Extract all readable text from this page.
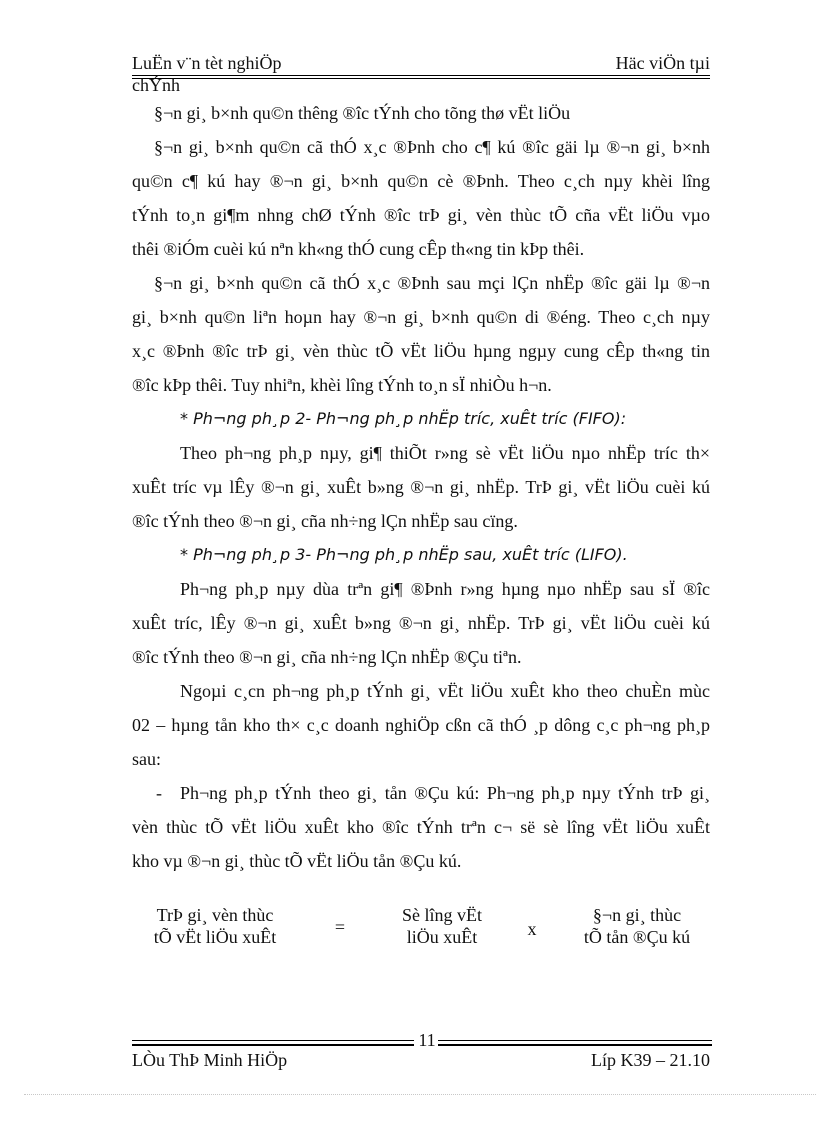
LuËn v¨n tèt nghiÖp	Häc viÖn tµi
chÝnh
§¬n gi¸ b×nh qu©n thêng ®îc tÝnh cho tõng thø vËt liÖu
§¬n gi¸ b×nh qu©n cã thÓ x¸c ®Þnh cho c¶ kú ®îc gäi lµ ®¬n gi¸ b×nh
qu©n c¶ kú hay ®¬n gi¸ b×nh qu©n cè ®Þnh. Theo c¸ch nµy khèi lîng
tÝnh to¸n gi¶m nhng chØ tÝnh ®îc trÞ gi¸ vèn thùc tÕ cña vËt liÖu vµo
thêi ®iÓm cuèi kú nªn kh«ng thÓ cung cÊp th«ng tin kÞp thêi.
§¬n gi¸ b×nh qu©n cã thÓ x¸c ®Þnh sau mçi lÇn nhËp ®îc gäi lµ ®¬n
gi¸ b×nh qu©n liªn hoµn hay ®¬n gi¸ b×nh qu©n di ®éng. Theo c¸ch nµy
x¸c ®Þnh ®îc trÞ gi¸ vèn thùc tÕ vËt liÖu hµng ngµy cung cÊp th«ng tin
®îc kÞp thêi. Tuy nhiªn, khèi lîng tÝnh to¸n sÏ nhiÒu h¬n.
* Ph¬ng ph¸p 2- Ph¬ng ph¸p nhËp tríc, xuÊt tríc (FIFO):
Theo ph¬ng ph¸p nµy, gi¶ thiÕt r»ng sè vËt liÖu nµo nhËp tríc th×
xuÊt tríc vµ lÊy ®¬n gi¸ xuÊt b»ng ®¬n gi¸ nhËp. TrÞ gi¸ vËt liÖu cuèi kú
®îc tÝnh theo ®¬n gi¸ cña nh÷ng lÇn nhËp sau cïng.
* Ph¬ng ph¸p 3- Ph¬ng ph¸p nhËp sau, xuÊt tríc (LIFO).
Ph¬ng ph¸p nµy dùa trªn gi¶ ®Þnh r»ng hµng nµo nhËp sau sÏ ®îc
xuÊt tríc, lÊy ®¬n gi¸ xuÊt b»ng ®¬n gi¸ nhËp. TrÞ gi¸ vËt liÖu cuèi kú
®îc tÝnh theo ®¬n gi¸ cña nh÷ng lÇn nhËp ®Çu tiªn.
Ngoµi c¸cn ph¬ng ph¸p tÝnh gi¸ vËt liÖu xuÊt kho theo chuÈn mùc
02 – hµng tån kho th× c¸c doanh nghiÖp cßn cã thÓ ¸p dông c¸c ph¬ng ph¸p
sau:
- Ph¬ng ph¸p tÝnh theo gi¸ tån ®Çu kú: Ph¬ng ph¸p nµy tÝnh trÞ gi¸
vèn thùc tÕ vËt liÖu xuÊt kho ®îc tÝnh trªn c¬ së sè lîng vËt liÖu xuÊt
kho vµ ®¬n gi¸ thùc tÕ vËt liÖu tån ®Çu kú.
TrÞ gi¸ vèn thùc
tÕ vËt liÖu xuÊt	=
Sè lîng vËt
liÖu xuÊt	x
§¬n gi¸ thùc
tÕ tån ®Çu kú
11
LÒu ThÞ Minh HiÖp	Líp K39 – 21.10
